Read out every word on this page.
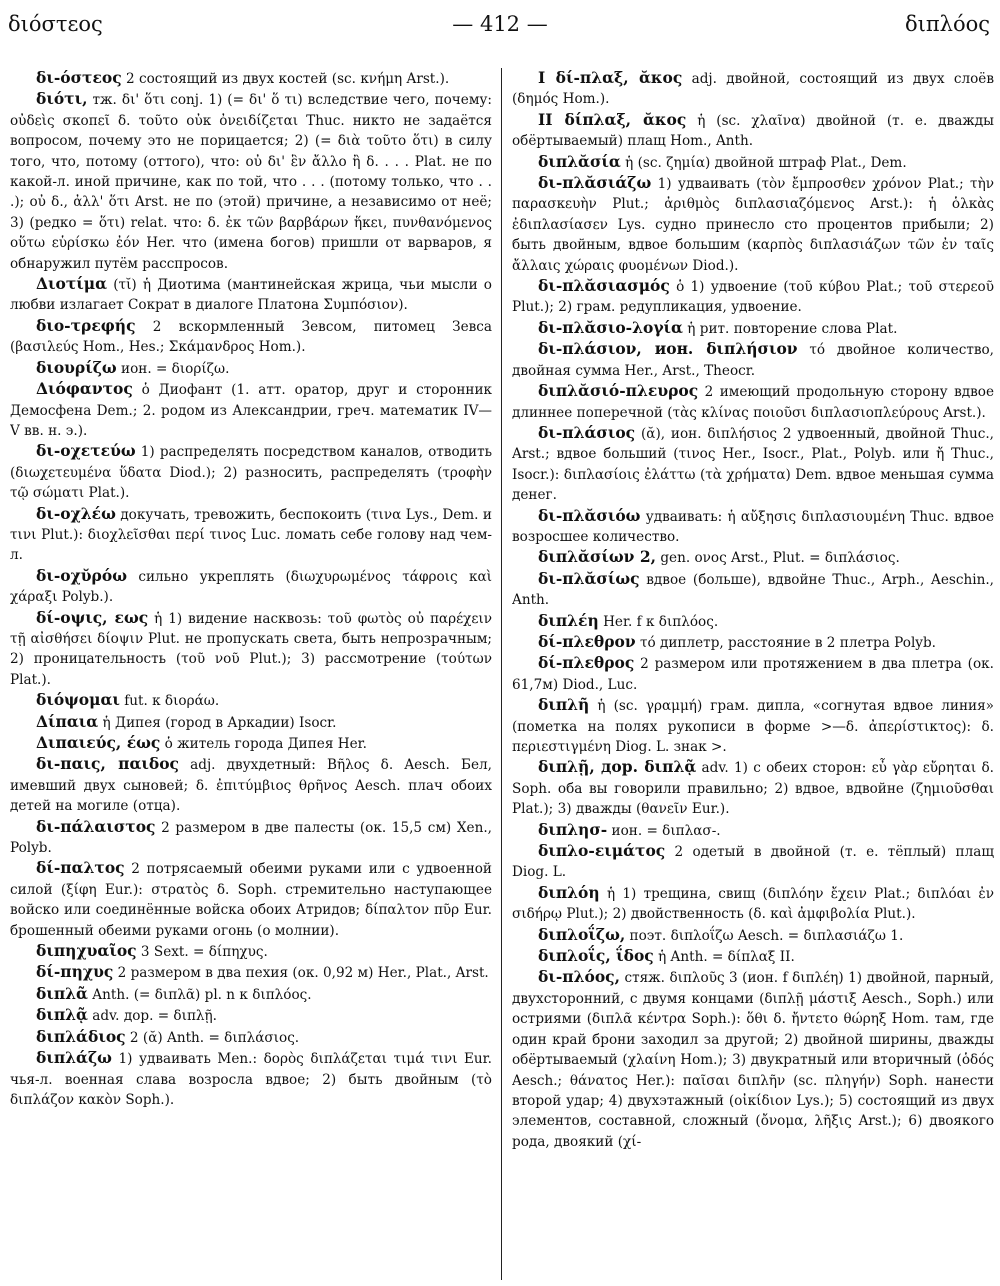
διόστεος	— 412 —	διπλόος

δι-όστεος 2 состоящий из двух костей (sc. κνήμη Arst.).

διότι, тж. δι' ὅτι conj. 1) (= δι' ὅ τι) вследствие чего, почему: οὐδεὶς σκοπεῖ δ. τοῦτο οὐκ ὀνειδίζεται Thuc. никто не задаётся вопросом, почему это не порицается; 2) (= διὰ τοῦτο ὅτι) в силу того, что, потому (оттого), что: οὐ δι' ἓν ἄλλο ἢ δ. . . . Plat. не по какой-л. иной причине, как по той, что . . . (потому только, что . . .); οὐ δ., ἀλλ' ὅτι Arst. не по (этой) причине, а независимо от неё; 3) (редко = ὅτι) relat. что: δ. ἐκ τῶν βαρβάρων ἥκει, πυνθανόμενος οὕτω εὑρίσκω ἐόν Her. что (имена богов) пришли от варваров, я обнаружил путём расспросов.

Διοτίμα (τῐ) ἡ Диотима (мантинейская жрица, чьи мысли о любви излагает Сократ в диалоге Платона Συμπόσιον).

διο-τρεφής 2 вскормленный Зевсом, питомец Зевса (βασιλεύς Hom., Hes.; Σκάμανδρος Hom.).

διουρίζω ион. = διορίζω.

Διόφαντος ὁ Диофант (1. атт. оратор, друг и сторонник Демосфена Dem.; 2. родом из Александрии, греч. математик IV—V вв. н. э.).

δι-οχετεύω 1) распределять посредством каналов, отводить (διωχετευμένα ὕδατα Diod.); 2) разносить, распределять (τροφὴν τῷ σώματι Plat.).

δι-οχλέω докучать, тревожить, беспокоить (τινα Lys., Dem. и τινι Plut.): διοχλεῖσθαι περί τινος Luc. ломать себе голову над чем-л.

δι-οχῠρόω сильно укреплять (διωχυρωμένος τάφροις καὶ χάραξι Polyb.).

δί-οψις, εως ἡ 1) видение насквозь: τοῦ φωτὸς οὐ παρέχειν τῇ αἰσθήσει δίοψιν Plut. не пропускать света, быть непрозрачным; 2) проницательность (τοῦ νοῦ Plut.); 3) рассмотрение (τούτων Plat.).

διόψομαι fut. к διοράω.

Δίπαια ἡ Дипея (город в Аркадии) Isocr.

Διπαιεύς, έως ὁ житель города Дипея Her.

δι-παις, παιδος adj. двухдетный: Βῆλος δ. Aesch. Бел, имевший двух сыновей; δ. ἐπιτύμβιος θρῆνος Aesch. плач обоих детей на могиле (отца).

δι-πάλαιστος 2 размером в две палесты (ок. 15,5 см) Xen., Polyb.

δί-παλτος 2 потрясаемый обеими руками или с удвоенной силой (ξίφη Eur.): στρατὸς δ. Soph. стремительно наступающее войско или соединённые войска обоих Атридов; δίπαλτον πῦρ Eur. брошенный обеими руками огонь (о молнии).

διπηχυαῖος 3 Sext. = δίπηχυς.

δί-πηχυς 2 размером в два пехия (ок. 0,92 м) Her., Plat., Arst.

διπλᾶ Anth. (= διπλᾶ) pl. n к διπλόος.

διπλᾷ adv. дор. = διπλῇ.

διπλάδιος 2 (ᾰ) Anth. = διπλάσιος.

διπλάζω 1) удваивать Men.: δορὸς διπλάζεται τιμά τινι Eur. чья-л. военная слава возросла вдвое; 2) быть двойным (τὸ διπλάζον κακὸν Soph.).

I δί-πλαξ, ᾰκος adj. двойной, состоящий из двух слоёв (δημός Hom.).

II δίπλαξ, ᾰκος ἡ (sc. χλαῖνα) двойной (т. е. дважды обёртываемый) плащ Hom., Anth.

διπλᾰσία ἡ (sc. ζημία) двойной штраф Plat., Dem.

δι-πλᾰσιάζω 1) удваивать (τὸν ἔμπροσθεν χρόνον Plat.; τὴν παρασκευὴν Plut.; ἀριθμὸς διπλασιαζόμενος Arst.): ἡ ὁλκὰς ἐδιπλασίασεν Lys. судно принесло сто процентов прибыли; 2) быть двойным, вдвое большим (καρπὸς διπλασιάζων τῶν ἐν ταῖς ἄλλαις χώραις φυομένων Diod.).

δι-πλᾰσιασμός ὁ 1) удвоение (τοῦ κύβου Plat.; τοῦ στερεοῦ Plut.); 2) грам. редупликация, удвоение.

δι-πλᾰσιο-λογία ἡ рит. повторение слова Plat.

δι-πλάσιον, ион. διπλήσιον τό двойное количество, двойная сумма Her., Arst., Theocr.

διπλᾰσιό-πλευρος 2 имеющий продольную сторону вдвое длиннее поперечной (τὰς κλίνας ποιοῦσι διπλασιοπλεύρους Arst.).

δι-πλάσιος (ᾰ), ион. διπλήσιος 2 удвоенный, двойной Thuc., Arst.; вдвое больший (τινος Her., Isocr., Plat., Polyb. или ἤ Thuc., Isocr.): διπλασίοις ἐλάττω (τὰ χρήματα) Dem. вдвое меньшая сумма денег.

δι-πλᾰσιόω удваивать: ἡ αὔξησις διπλασιουμένη Thuc. вдвое возросшее количество.

διπλᾰσίων 2, gen. ονος Arst., Plut. = διπλάσιος.

δι-πλᾰσίως вдвое (больше), вдвойне Thuc., Arph., Aeschin., Anth.

διπλέη Her. f к διπλόος.

δί-πλεθρον τό диплетр, расстояние в 2 плетра Polyb.

δί-πλεθρος 2 размером или протяжением в два плетра (ок. 61,7м) Diod., Luc.

διπλῆ ἡ (sc. γραμμή) грам. дипла, «согнутая вдвое линия» (пометка на полях рукописи в форме >—δ. ἀπερίστικτος): δ. περιεστιγμένη Diog. L. знак >.

διπλῇ, дор. διπλᾷ adv. 1) с обеих сторон: εὖ γὰρ εὔρηται δ. Soph. оба вы говорили правильно; 2) вдвое, вдвойне (ζημιοῦσθαι Plat.); 3) дважды (θανεῖν Eur.).

διπλησ- ион. = διπλασ-.

διπλο-ειμάτος 2 одетый в двойной (т. е. тёплый) плащ Diog. L.

διπλόη ἡ 1) трещина, свищ (διπλόην ἔχειν Plat.; διπλόαι ἐν σιδήρῳ Plut.); 2) двойственность (δ. καὶ ἀμφιβολία Plut.).

διπλοΐζω, поэт. διπλοΐζω Aesch. = διπλασιάζω 1.

διπλοΐς, ΐδος ἡ Anth. = δίπλαξ II.

δι-πλόος, стяж. διπλοῦς 3 (ион. f διπλέη) 1) двойной, парный, двухсторонний, с двумя концами (διπλῇ μάστιξ Aesch., Soph.) или остриями (διπλᾶ κέντρα Soph.): ὅθι δ. ἤντετο θώρηξ Hom. там, где один край брони заходил за другой; 2) двойной ширины, дважды обёртываемый (χλαίνη Hom.); 3) двукратный или вторичный (ὁδός Aesch.; θάνατος Her.): παῖσαι διπλῆν (sc. πληγήν) Soph. нанести второй удар; 4) двухэтажный (οἰκίδιον Lys.); 5) состоящий из двух элементов, составной, сложный (ὄνομα, λῆξις Arst.); 6) двоякого рода, двоякий (χί-
